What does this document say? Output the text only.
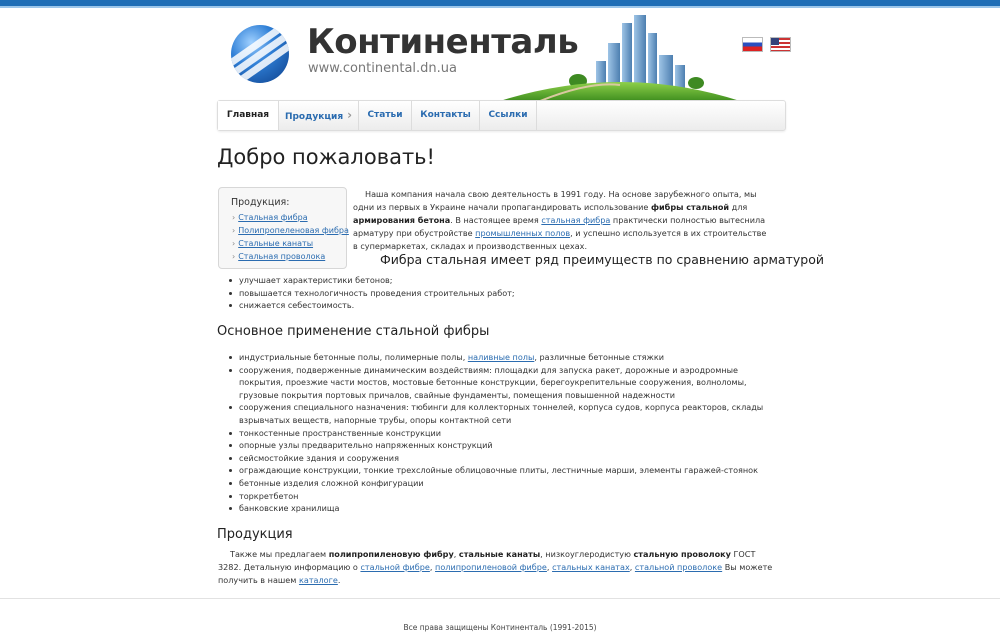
Континенталь
www.continental.dn.ua

Главная	Продукция ›	Статьи	Контакты	Ссылки
Добро пожаловать!
Продукция:
› Стальная фибра
› Полипропеленовая фибра
› Стальные канаты
› Стальная проволока

Наша компания начала свою деятельность в 1991 году. На основе зарубежного опыта, мы одни из первых в Украине начали пропагандировать использование фибры стальной для армирования бетона. В настоящее время стальная фибра практически полностью вытеснила арматуру при обустройстве промышленных полов, и успешно используется в их строительстве в супермаркетах, складах и производственных цехах.

Фибра стальная имеет ряд преимуществ по сравнению арматурой
улучшает характеристики бетонов;
повышается технологичность проведения строительных работ;
снижается себестоимость.
Основное применение стальной фибры
индустриальные бетонные полы, полимерные полы, наливные полы, различные бетонные стяжки
сооружения, подверженные динамическим воздействиям: площадки для запуска ракет, дорожные и аэродромные покрытия, проезжие части мостов, мостовые бетонные конструкции, берегоукрепительные сооружения, волноломы, грузовые покрытия портовых причалов, свайные фундаменты, помещения повышенной надежности
сооружения специального назначения: тюбинги для коллекторных тоннелей, корпуса судов, корпуса реакторов, склады взрывчатых веществ, напорные трубы, опоры контактной сети
тонкостенные пространственные конструкции
опорные узлы предварительно напряженных конструкций
сейсмостойкие здания и сооружения
ограждающие конструкции, тонкие трехслойные облицовочные плиты, лестничные марши, элементы гаражей-стоянок
бетонные изделия сложной конфигурации
торкретбетон
банковские хранилища
Продукция

Также мы предлагаем полипропиленовую фибру, стальные канаты, низкоуглеродистую стальную проволоку ГОСТ 3282. Детальную информацию о стальной фибре, полипропиленовой фибре, стальных канатах, стальной проволоке Вы можете получить в нашем каталоге.

Все права защищены Континенталь (1991-2015)
